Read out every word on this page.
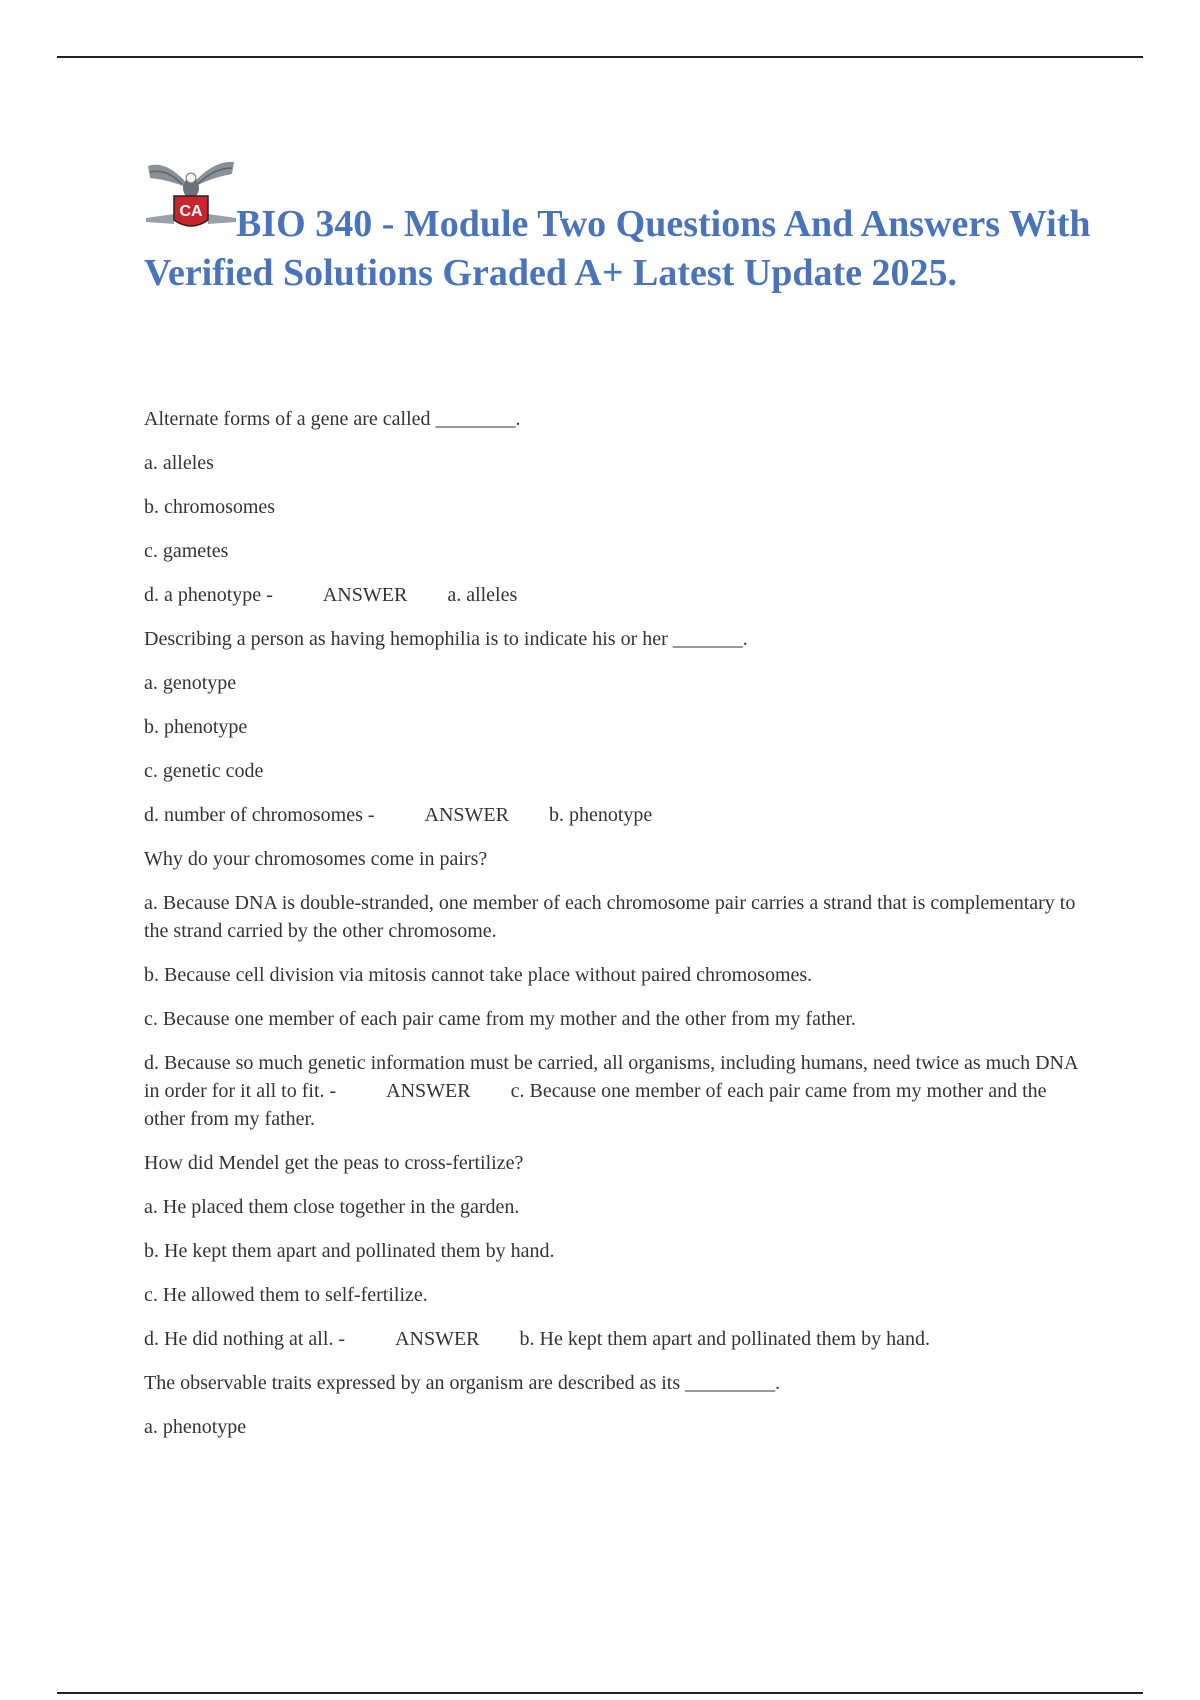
CA BIO 340 - Module Two Questions And Answers With Verified Solutions Graded A+ Latest Update 2025.
Alternate forms of a gene are called ________.
a. alleles
b. chromosomes
c. gametes
d. a phenotype -	ANSWER a. alleles
Describing a person as having hemophilia is to indicate his or her _______.
a. genotype
b. phenotype
c. genetic code
d. number of chromosomes -	ANSWER b. phenotype
Why do your chromosomes come in pairs?
a. Because DNA is double-stranded, one member of each chromosome pair carries a strand that is complementary to the strand carried by the other chromosome.
b. Because cell division via mitosis cannot take place without paired chromosomes.
c. Because one member of each pair came from my mother and the other from my father.
d. Because so much genetic information must be carried, all organisms, including humans, need twice as much DNA in order for it all to fit. -	ANSWER c. Because one member of each pair came from my mother and the other from my father.
How did Mendel get the peas to cross-fertilize?
a. He placed them close together in the garden.
b. He kept them apart and pollinated them by hand.
c. He allowed them to self-fertilize.
d. He did nothing at all. -	ANSWER b. He kept them apart and pollinated them by hand.
The observable traits expressed by an organism are described as its _________.
a. phenotype
